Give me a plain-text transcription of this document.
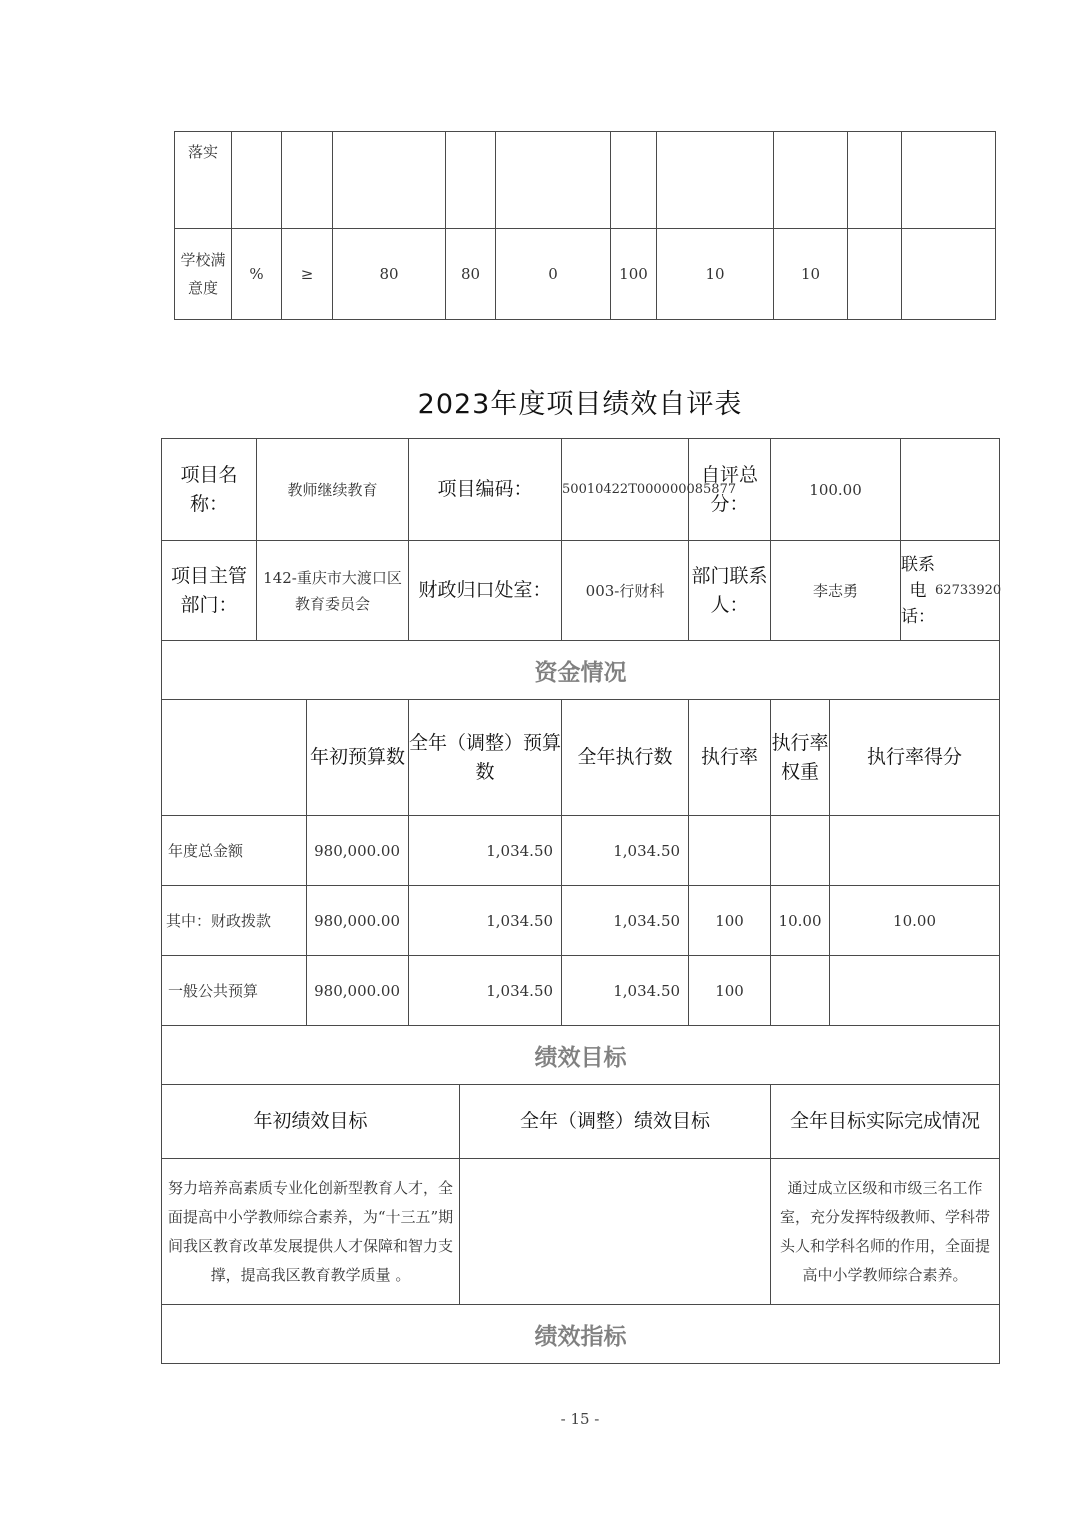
落实										
学校满意度	%	≥	80	80	0	100	10	10		
2023年度项目绩效自评表
项目名称：	教师继续教育		项目编码：		50010422T000000085877	自评总分：	100.00		
项目主管部门：	142-重庆市大渡口区教育委员会		财政归口处室：		003-行财科	部门联系人：	李志勇		联系电话：
62733920

资金情况									
		年初预算数	全年（调整）预算数		全年执行数	执行率	执行率权重	执行率得分	
年度总金额		980,000.00	1,034.50		1,034.50				
其中：财政拨款		980,000.00	1,034.50		1,034.50	100	10.00	10.00	
一般公共预算		980,000.00	1,034.50		1,034.50	100			
绩效目标									
年初绩效目标				全年（调整）绩效目标			全年目标实际完成情况		
努力培养高素质专业化创新型教育人才，全面提高中小学教师综合素养，为“十三五”期间我区教育改革发展提供人才保障和智力支撑，提高我区教育教学质量 。							通过成立区级和市级三名工作室，充分发挥特级教师、学科带头人和学科名师的作用，全面提高中小学教师综合素养。		
绩效指标									
- 15 -
